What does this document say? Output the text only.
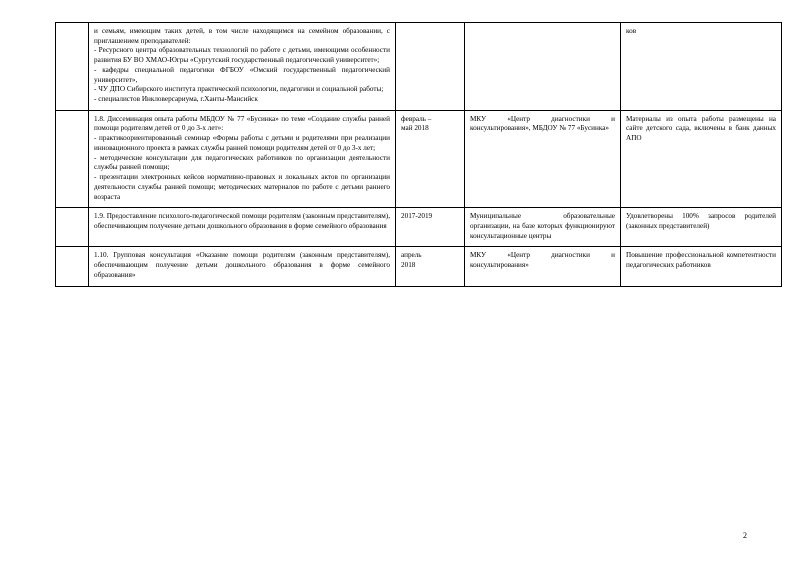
	и семьям, имеющим таких детей, в том числе находящимся на семейном образовании, с приглашением преподавателей:
- Ресурсного центра образовательных технологий по работе с детьми, имеющими особенности развития БУ ВО ХМАО-Югры «Сургутский государственный педагогический университет»;
- кафедры специальной педагогики ФГБОУ «Омский государственный педагогический университет»,
- ЧУ ДПО Сибирского института практической психологии, педагогики и социальной работы;
- специалистов Инкловерсариума, г.Ханты-Мансийск			ков

	1.8. Диссеминация опыта работы МБДОУ № 77 «Бусинка» по теме «Создание службы ранней помощи родителям детей от 0 до 3-х лет»:
- практикоориентированный семинар «Формы работы с детьми и родителями при реализации инновационного проекта в рамках службы ранней помощи родителям детей от 0 до 3-х лет;
- методические консультации для педагогических работников по организации деятельности службы ранней помощи;
- презентации электронных кейсов нормативно-правовых и локальных актов по организации деятельности службы ранней помощи; методических материалов по работе с детьми раннего возраста	февраль –
май 2018	МКУ «Центр диагностики и консультирования», МБДОУ № 77 «Бусинка»	Материалы из опыта работы размещены на сайте детского сада, включены в банк данных АПО
	1.9. Предоставление психолого-педагогической помощи родителям (законным представителям), обеспечивающим получение детьми дошкольного образования в форме семейного образования	2017-2019	Муниципальные образовательные организации, на базе которых функционируют консультационные центры	Удовлетворены 100% запросов родителей (законных представителей)
	1.10. Групповая консультация «Оказание помощи родителям (законным представителям), обеспечивающим получение детьми дошкольного образования в форме семейного образования»	апрель
2018	МКУ «Центр диагностики и консультирования»	Повышение профессиональной компетентности педагогических работников
2
